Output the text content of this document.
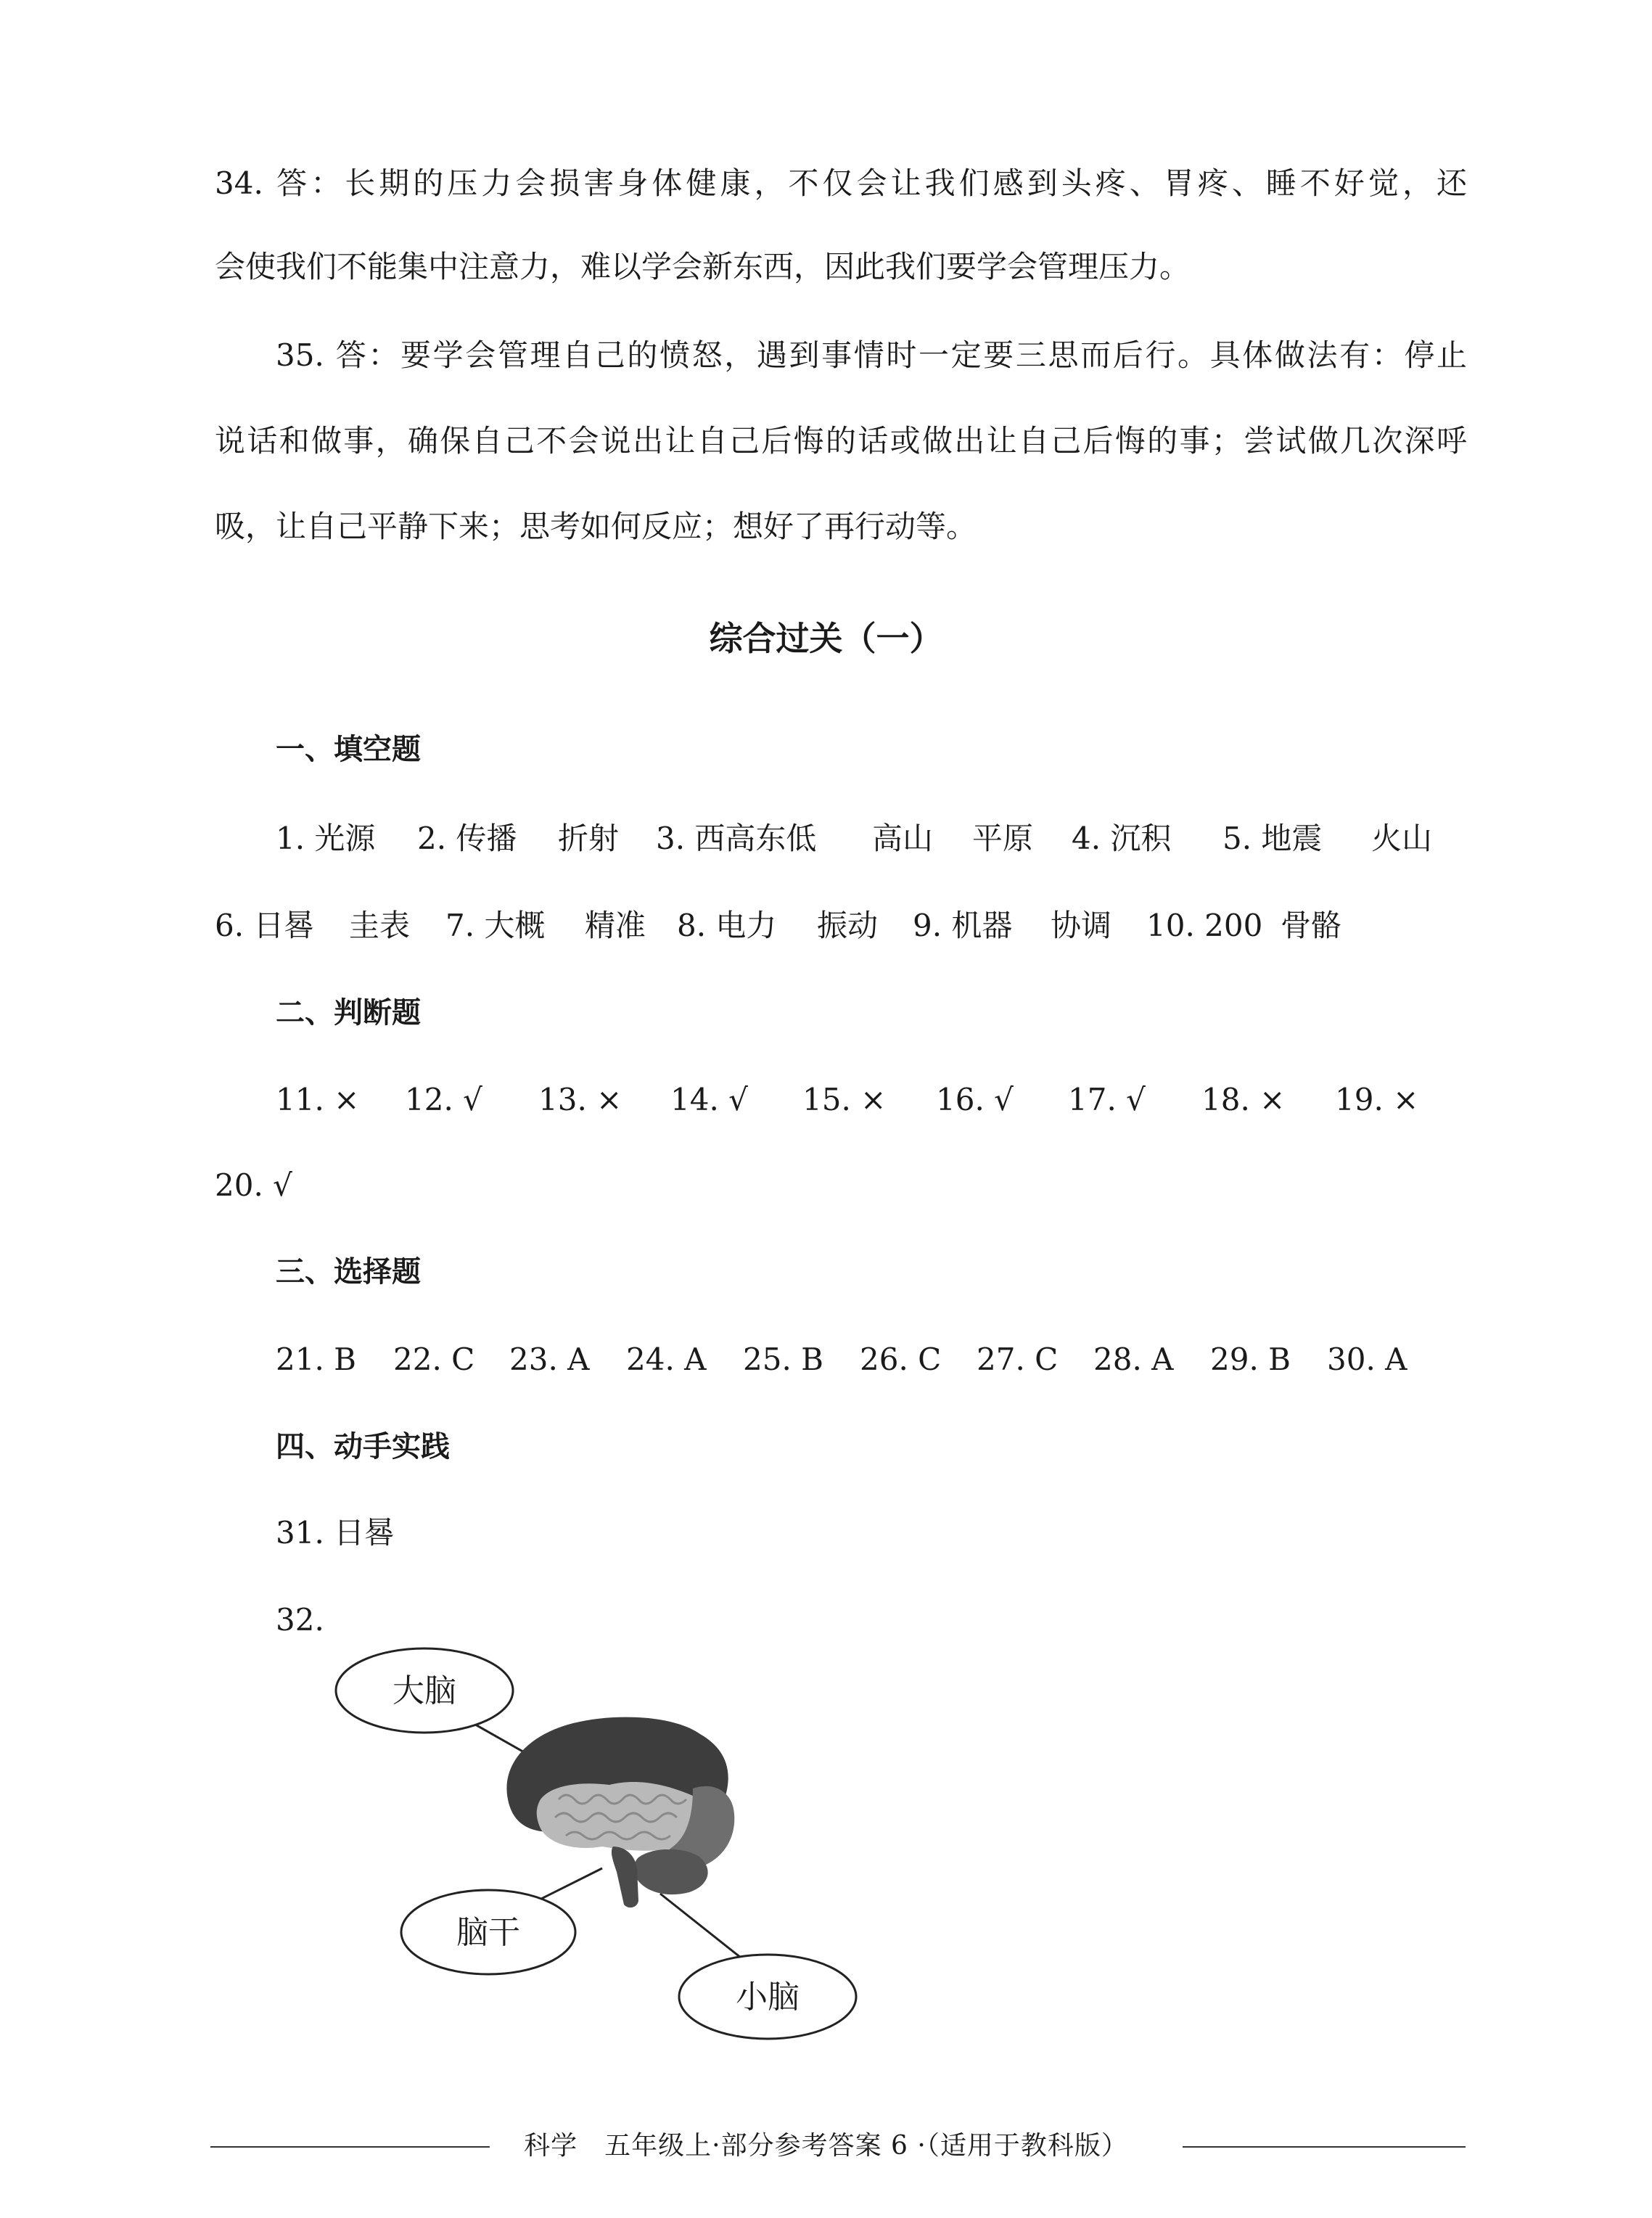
34. 答：长期的压力会损害身体健康，不仅会让我们感到头疼、胃疼、睡不好觉，还
会使我们不能集中注意力，难以学会新东西，因此我们要学会管理压力。
35. 答：要学会管理自己的愤怒，遇到事情时一定要三思而后行。具体做法有：停止
说话和做事，确保自己不会说出让自己后悔的话或做出让自己后悔的事；尝试做几次深呼
吸，让自己平静下来；思考如何反应；想好了再行动等。
综合过关（一）
一、填空题
1. 光源 2. 传播 折射 3. 西高东低 高山 平原 4. 沉积 5. 地震 火山
6. 日晷 圭表 7. 大概 精准 8. 电力 振动 9. 机器 协调 10. 200 骨骼
二、判断题
11. × 12. √ 13. × 14. √ 15. × 16. √ 17. √ 18. × 19. ×
20. √
三、选择题
21. B 22. C 23. A 24. A 25. B 26. C 27. C 28. A 29. B 30. A
四、动手实践
31. 日晷
32.
大脑
脑干
小脑
科学　五年级上·部分参考答案 6 ·（适用于教科版）
